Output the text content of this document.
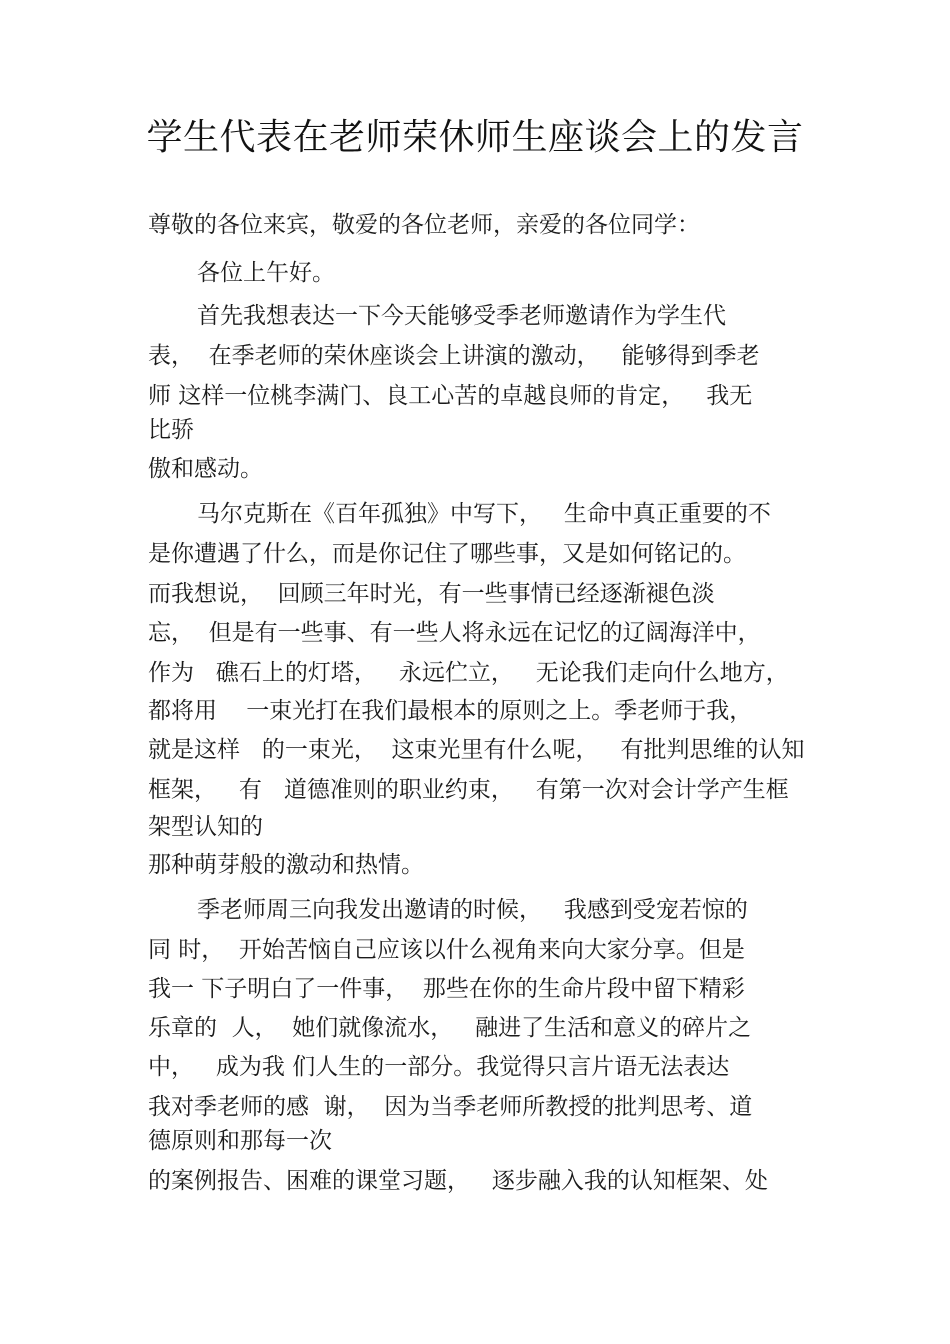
学生代表在老师荣休师生座谈会上的发言
尊敬的各位来宾，敬爱的各位老师，亲爱的各位同学：
各位上午好。
首先我想表达一下今天能够受季老师邀请作为学生代
表，  在季老师的荣休座谈会上讲演的激动，   能够得到季老
师 这样一位桃李满门、良工心苦的卓越良师的肯定，   我无
比骄
傲和感动。
马尔克斯在《百年孤独》中写下，   生命中真正重要的不
是你遭遇了什么，而是你记住了哪些事，又是如何铭记的。
而我想说，  回顾三年时光，有一些事情已经逐渐褪色淡
忘，  但是有一些事、有一些人将永远在记忆的辽阔海洋中，
作为   礁石上的灯塔，   永远伫立，   无论我们走向什么地方，
都将用    一束光打在我们最根本的原则之上。季老师于我，
就是这样   的一束光，  这束光里有什么呢，   有批判思维的认知
框架，   有   道德准则的职业约束，   有第一次对会计学产生框
架型认知的
那种萌芽般的激动和热情。
季老师周三向我发出邀请的时候，   我感到受宠若惊的
同 时，  开始苦恼自己应该以什么视角来向大家分享。但是
我一 下子明白了一件事，  那些在你的生命片段中留下精彩
乐章的  人，  她们就像流水，   融进了生活和意义的碎片之
中，   成为我 们人生的一部分。我觉得只言片语无法表达
我对季老师的感  谢，  因为当季老师所教授的批判思考、道
德原则和那每一次
的案例报告、困难的课堂习题，   逐步融入我的认知框架、处
